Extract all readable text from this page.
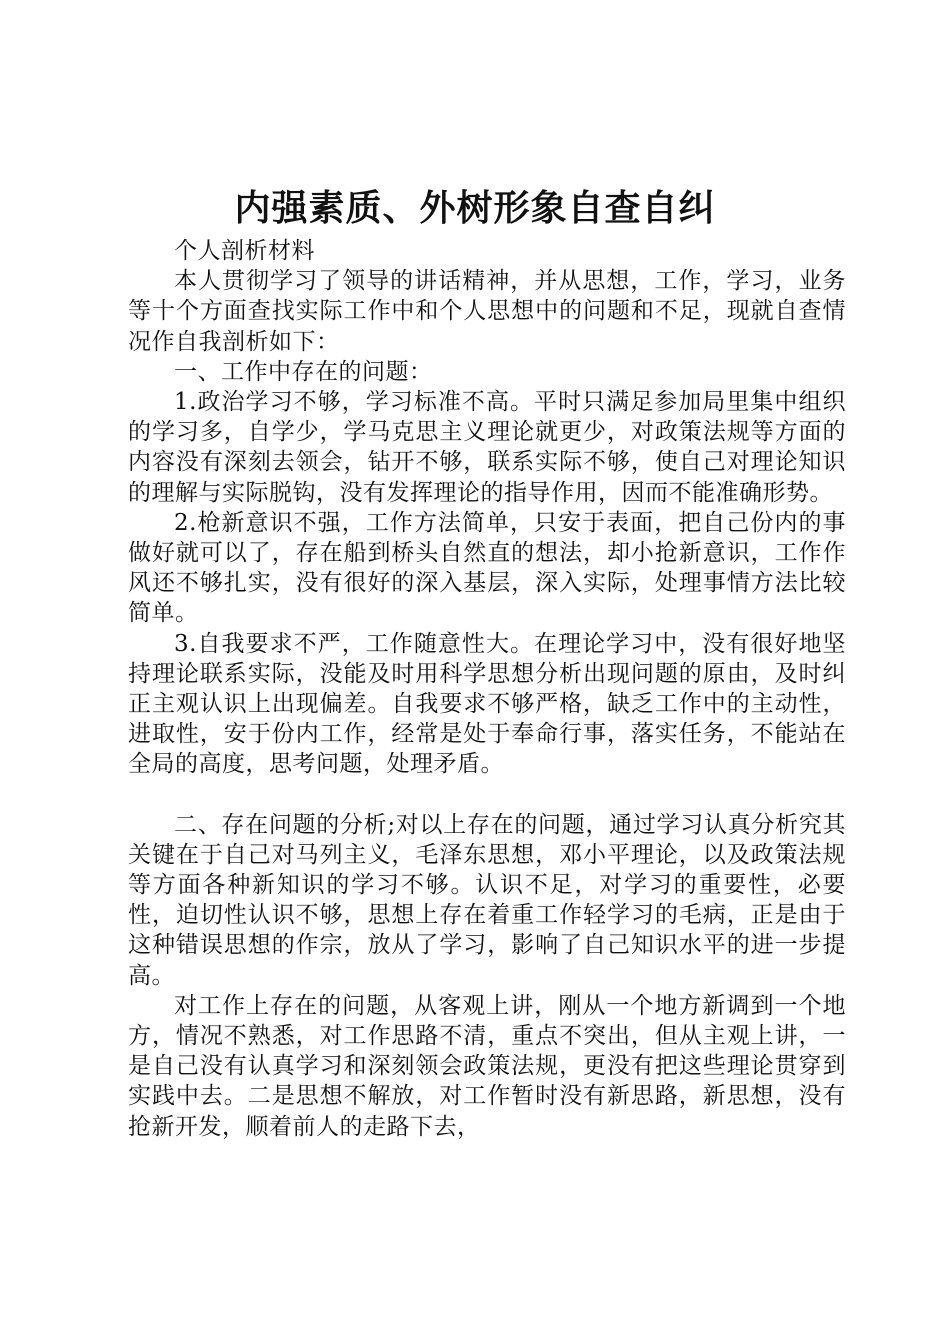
内强素质、外树形象自查自纠

个人剖析材料

本人贯彻学习了领导的讲话精神，并从思想，工作，学习，业务等十个方面查找实际工作中和个人思想中的问题和不足，现就自查情况作自我剖析如下：

一、工作中存在的问题：

1.政治学习不够，学习标准不高。平时只满足参加局里集中组织的学习多，自学少，学马克思主义理论就更少，对政策法规等方面的内容没有深刻去领会，钻开不够，联系实际不够，使自己对理论知识的理解与实际脱钩，没有发挥理论的指导作用，因而不能准确形势。

2.枪新意识不强，工作方法简单，只安于表面，把自己份内的事做好就可以了，存在船到桥头自然直的想法，却小抢新意识，工作作风还不够扎实，没有很好的深入基层，深入实际，处理事情方法比较简单。

3.自我要求不严，工作随意性大。在理论学习中，没有很好地坚持理论联系实际，没能及时用科学思想分析出现问题的原由，及时纠正主观认识上出现偏差。自我要求不够严格，缺乏工作中的主动性，进取性，安于份内工作，经常是处于奉命行事，落实任务，不能站在全局的高度，思考问题，处理矛盾。

二、存在问题的分析;对以上存在的问题，通过学习认真分析究其关键在于自己对马列主义，毛泽东思想，邓小平理论，以及政策法规等方面各种新知识的学习不够。认识不足，对学习的重要性，必要性，迫切性认识不够，思想上存在着重工作轻学习的毛病，正是由于这种错误思想的作宗，放从了学习，影响了自己知识水平的进一步提高。

对工作上存在的问题，从客观上讲，刚从一个地方新调到一个地方，情况不熟悉，对工作思路不清，重点不突出，但从主观上讲，一是自己没有认真学习和深刻领会政策法规，更没有把这些理论贯穿到实践中去。二是思想不解放，对工作暂时没有新思路，新思想，没有抢新开发，顺着前人的走路下去，
